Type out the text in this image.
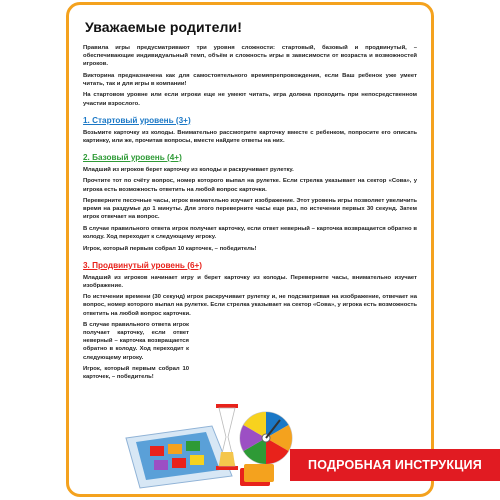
Уважаемые родители!
Правила игры предусматривают три уровня сложности: стартовый, базовый и продвинутый, – обеспечивающие индивидуальный темп, объём и сложность игры в зависимости от возраста и возможностей игроков.
Викторина предназначена как для самостоятельного времяпрепровождения, если Ваш ребенок уже умеет читать, так и для игры в компании!
На стартовом уровне или если игроки еще не умеют читать, игра должна проходить при непосредственном участии взрослого.
1. Стартовый уровень (3+)
Возьмите карточку из колоды. Внимательно рассмотрите карточку вместе с ребенком, попросите его описать картинку, или же, прочитав вопросы, вместе найдите ответы на них.
2. Базовый уровень (4+)
Младший из игроков берет карточку из колоды и раскручивает рулетку.
Прочтите тот по счёту вопрос, номер которого выпал на рулетке. Если стрелка указывает на сектор «Сова», у игрока есть возможность ответить на любой вопрос карточки.
Переверните песочные часы, игрок внимательно изучает изображение. Этот уровень игры позволяет увеличить время на раздумье до 1 минуты. Для этого переверните часы еще раз, по истечении первых 30 секунд. Затем игрок отвечает на вопрос.
В случае правильного ответа игрок получает карточку, если ответ неверный – карточка возвращается обратно в колоду. Ход переходит к следующему игроку.
Игрок, который первым собрал 10 карточек, – победитель!
3. Продвинутый уровень (6+)
Младший из игроков начинает игру и берет карточку из колоды. Переверните часы, внимательно изучает изображение.
По истечении времени (30 секунд) игрок раскручивает рулетку и, не подсматривая на изображение, отвечает на вопрос, номер которого выпал на рулетке. Если стрелка указывает на сектор «Сова», у игрока есть возможность ответить на любой вопрос карточки.
В случае правильного ответа игрок получает карточку, если ответ неверный – карточка возвращается обратно в колоду. Ход переходит к следующему игроку.
Игрок, который первым собрал 10 карточек, – победитель!
ПОДРОБНАЯ ИНСТРУКЦИЯ
